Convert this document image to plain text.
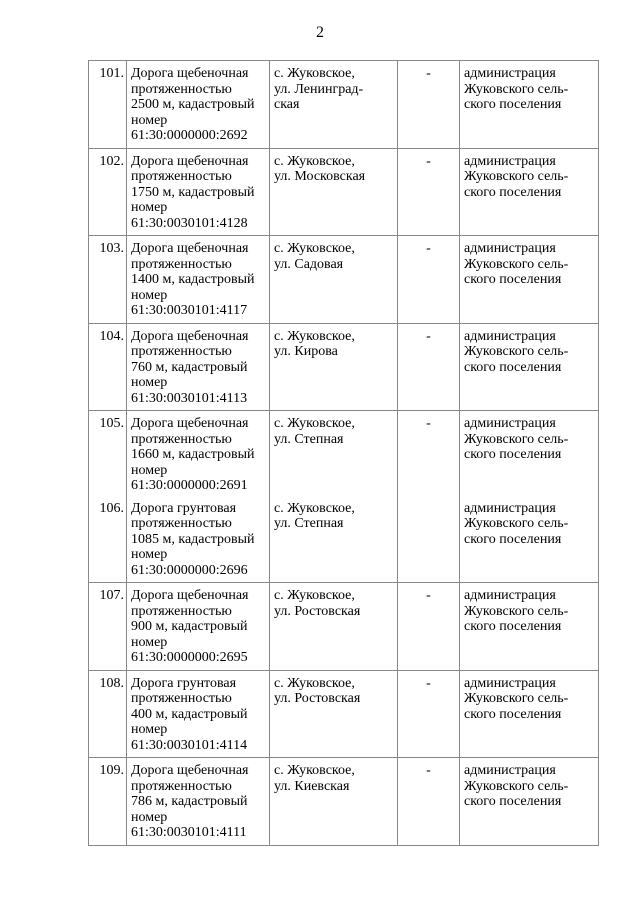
2
101.	Дорога щебеночная
протяженностью
2500 м, кадастровый
номер
61:30:0000000:2692	с. Жуковское,
ул. Ленинград-
ская	-	администрация
Жуковского сель-
ского поселения

102.	Дорога щебеночная
протяженностью
1750 м, кадастровый
номер
61:30:0030101:4128	с. Жуковское,
ул. Московская	-	администрация
Жуковского сель-
ского поселения

103.	Дорога щебеночная
протяженностью
1400 м, кадастровый
номер
61:30:0030101:4117	с. Жуковское,
ул. Садовая	-	администрация
Жуковского сель-
ского поселения

104.	Дорога щебеночная
протяженностью
760 м, кадастровый
номер
61:30:0030101:4113	с. Жуковское,
ул. Кирова	-	администрация
Жуковского сель-
ского поселения

105.	Дорога щебеночная
протяженностью
1660 м, кадастровый
номер
61:30:0000000:2691	с. Жуковское,
ул. Степная	-	администрация
Жуковского сель-
ского поселения

106.	Дорога грунтовая
протяженностью
1085 м, кадастровый
номер
61:30:0000000:2696	с. Жуковское,
ул. Степная		администрация
Жуковского сель-
ского поселения

107.	Дорога щебеночная
протяженностью
900 м, кадастровый
номер
61:30:0000000:2695	с. Жуковское,
ул. Ростовская	-	администрация
Жуковского сель-
ского поселения

108.	Дорога грунтовая
протяженностью
400 м, кадастровый
номер
61:30:0030101:4114	с. Жуковское,
ул. Ростовская	-	администрация
Жуковского сель-
ского поселения

109.	Дорога щебеночная
протяженностью
786 м, кадастровый
номер
61:30:0030101:4111	с. Жуковское,
ул. Киевская	-	администрация
Жуковского сель-
ского поселения
